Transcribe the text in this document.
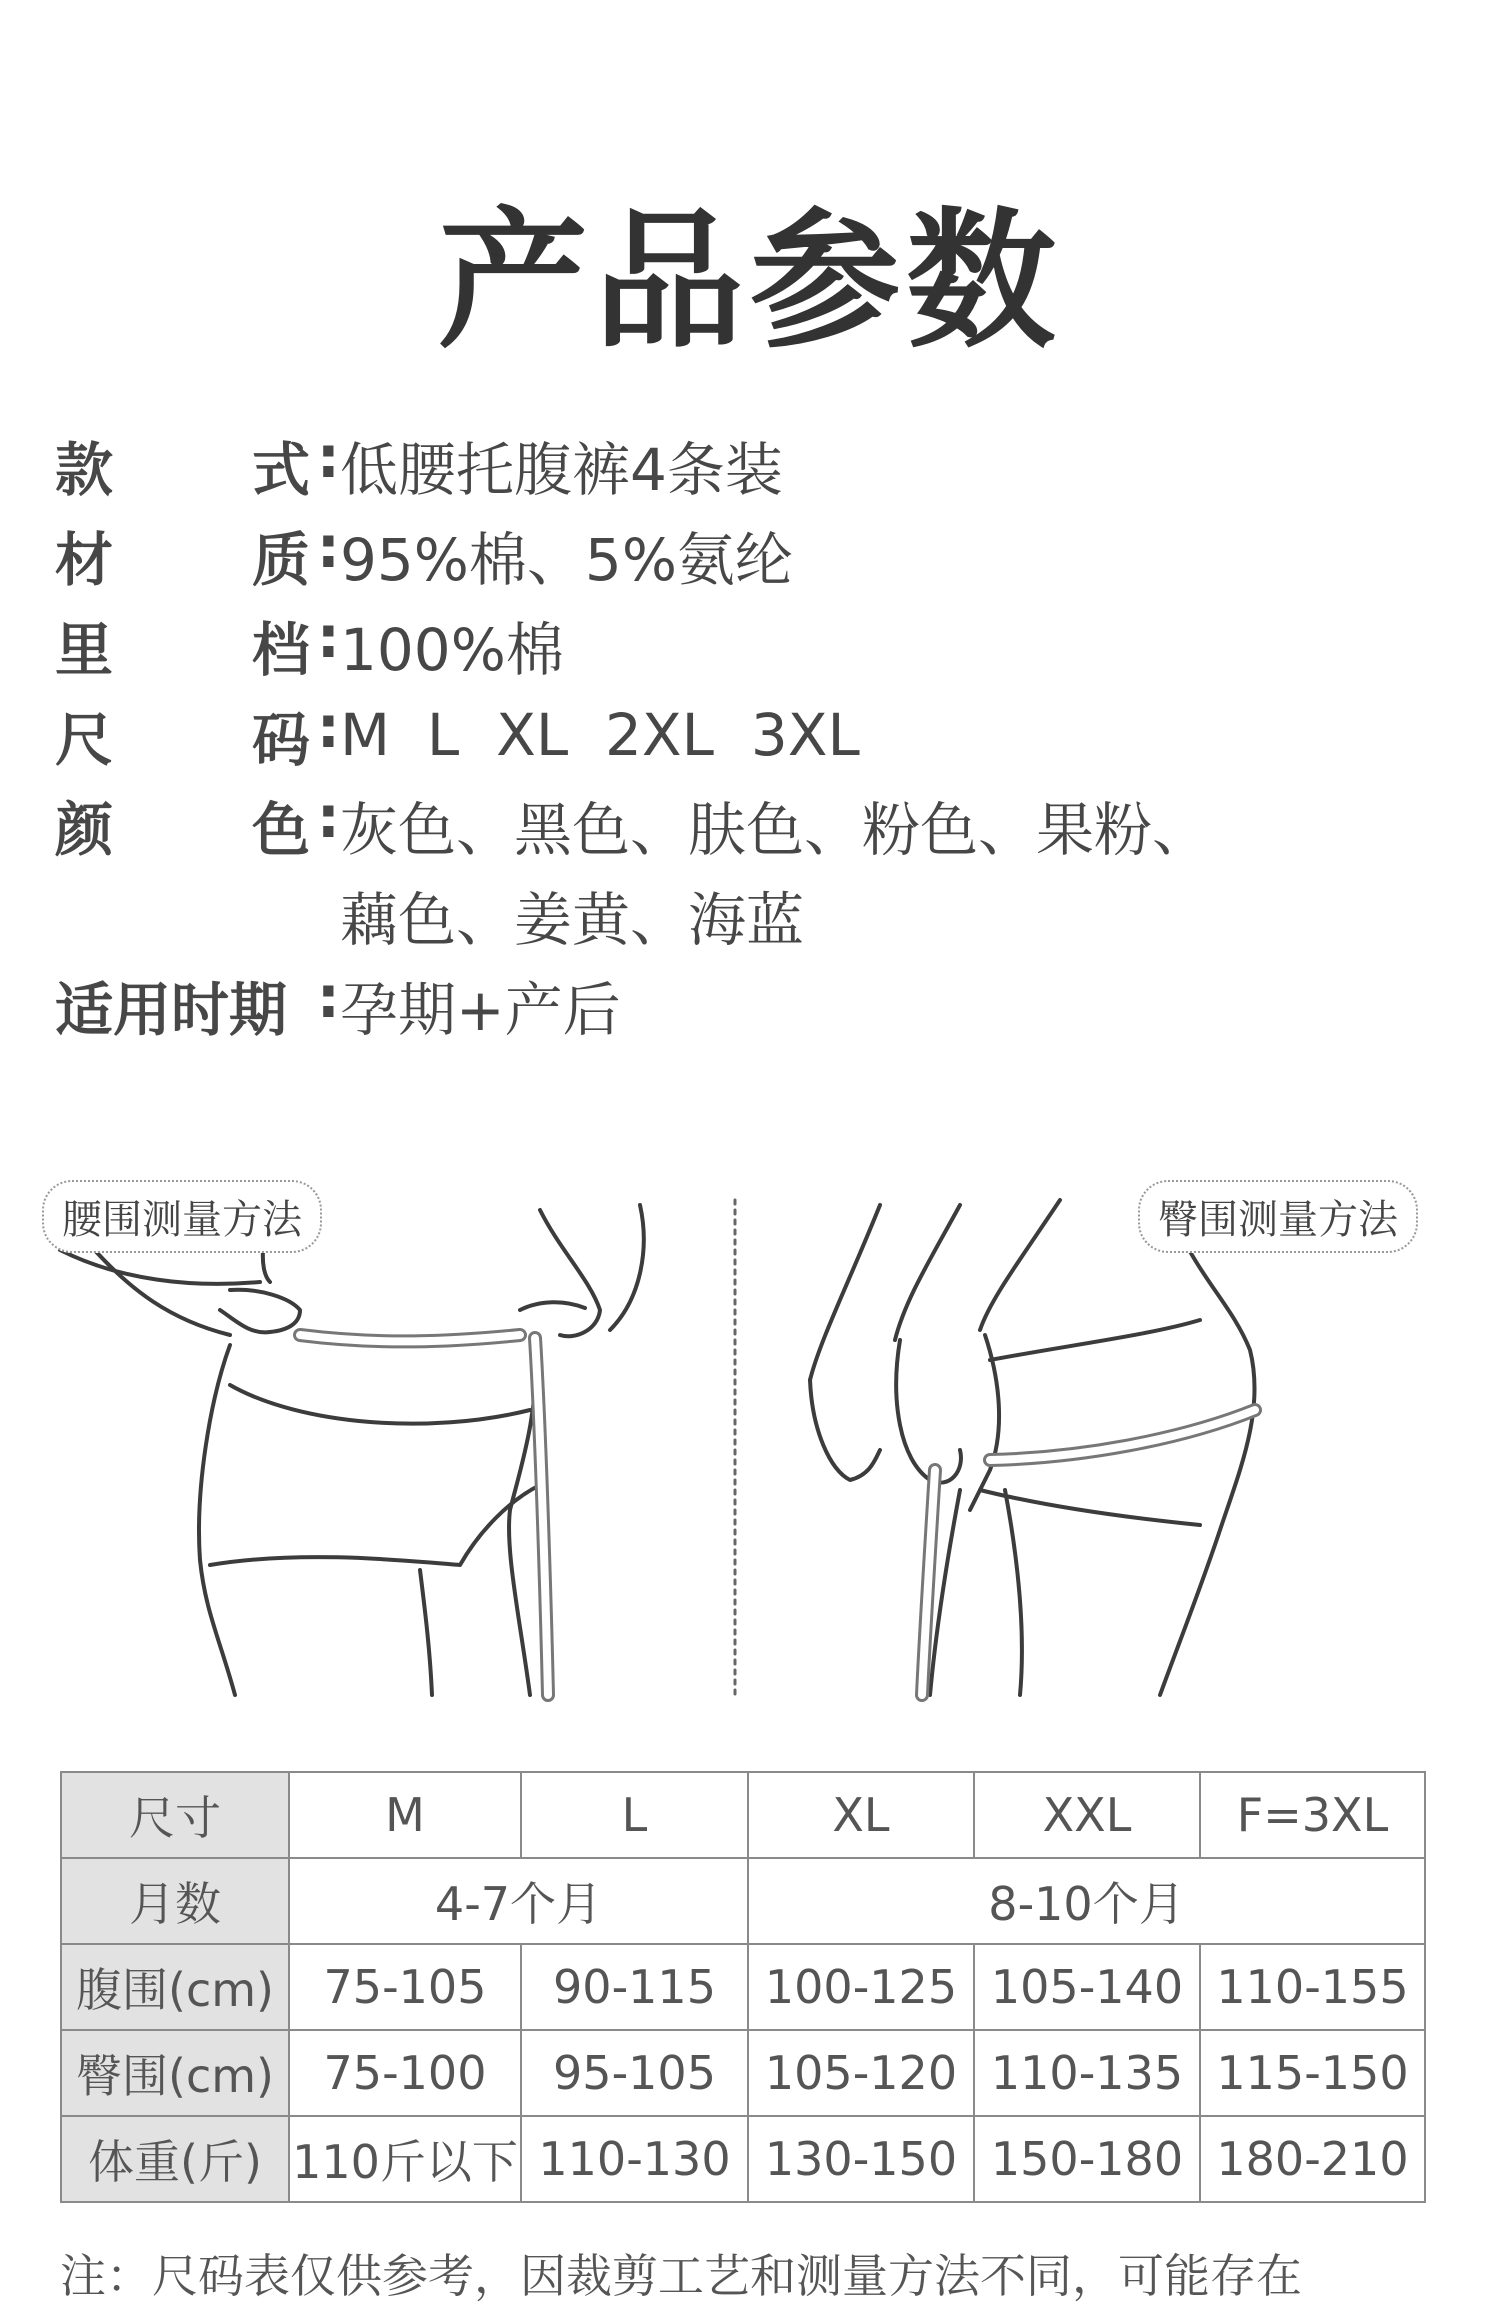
产品参数
款 式 : 低腰托腹裤4条装
材 质 : 95%棉、5%氨纶
里 档 : 100%棉
尺 码 : M  L  XL  2XL  3XL
颜 色 : 灰色、黑色、肤色、粉色、果粉、
藕色、姜黄、海蓝
适用时期 : 孕期+产后
腰围测量方法	臀围测量方法
尺寸	M	L	XL	XXL	F=3XL
月数	4-7个月		8-10个月		
腹围(cm)	75-105	90-115	100-125	105-140	110-155
臀围(cm)	75-100	95-105	105-120	110-135	115-150
体重(斤)	110斤以下	110-130	130-150	150-180	180-210
注：尺码表仅供参考，因裁剪工艺和测量方法不同，可能存在
